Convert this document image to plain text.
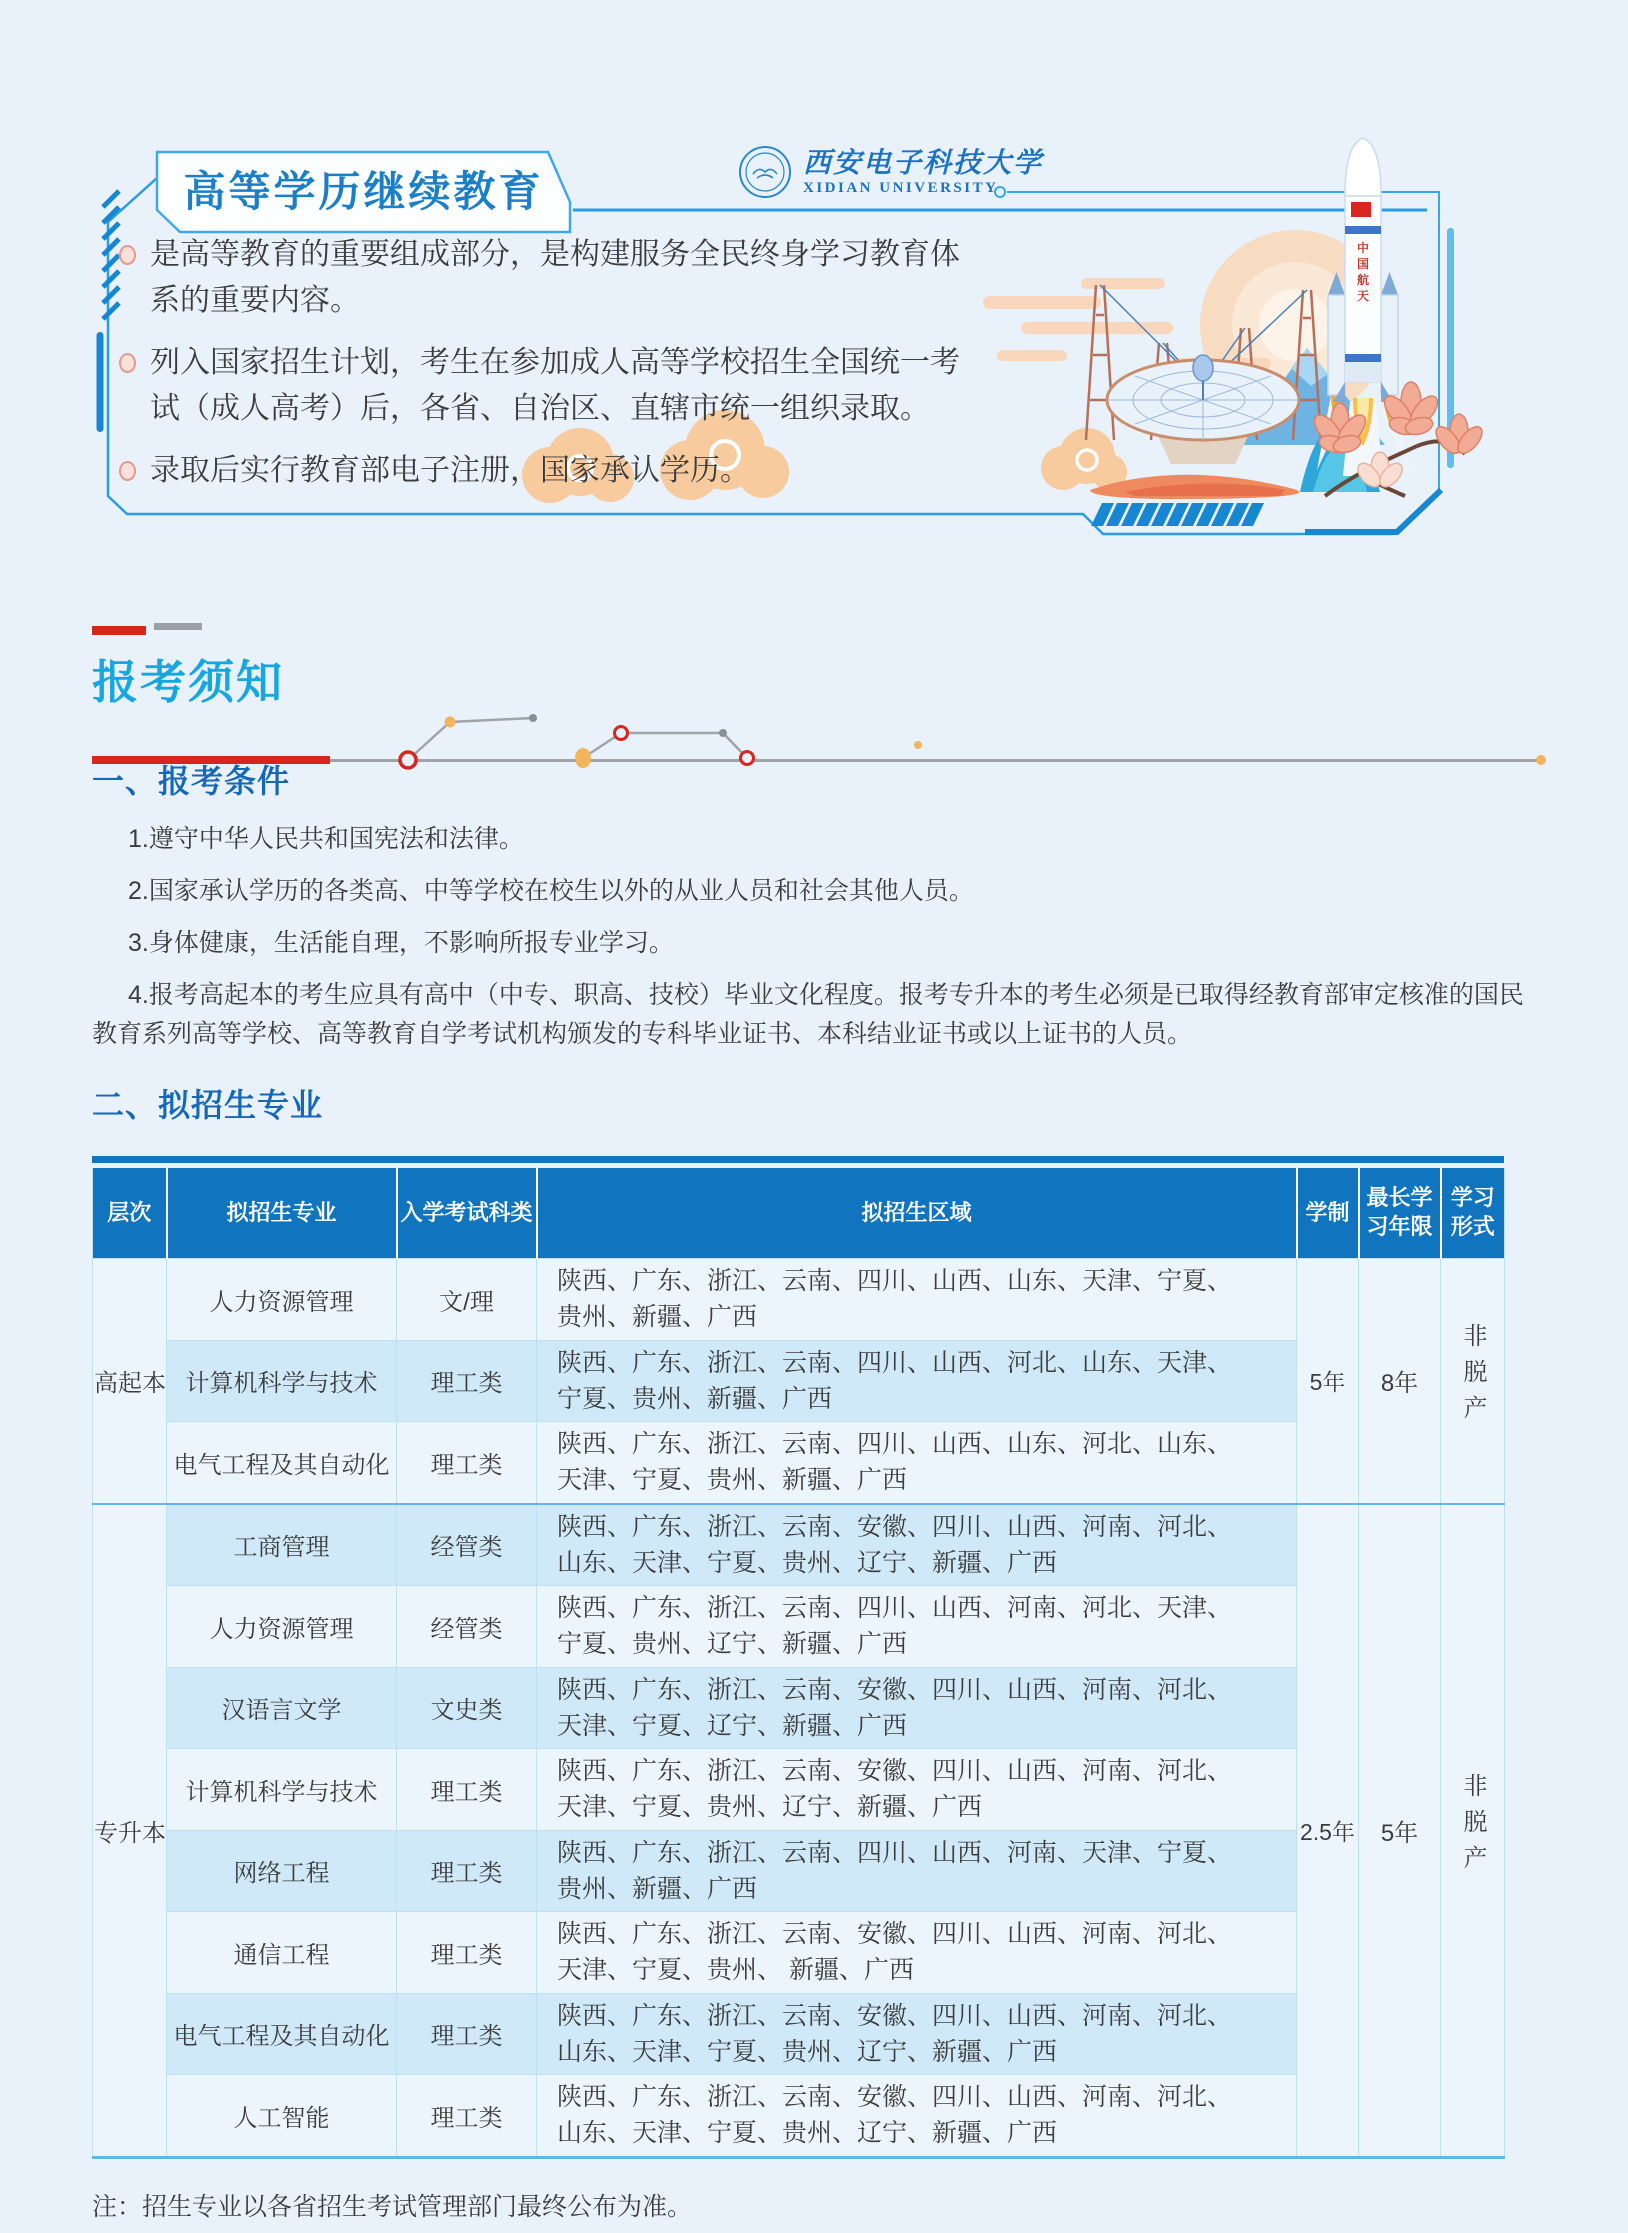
中国航天
高等学历继续教育
西安电子科技大学
XIDIAN UNIVERSITY
是高等教育的重要组成部分，是构建服务全民终身学习教育体系的重要内容。
列入国家招生计划，考生在参加成人高等学校招生全国统一考试（成人高考）后，各省、自治区、直辖市统一组织录取。
录取后实行教育部电子注册，国家承认学历。
报考须知
一、报考条件

1.遵守中华人民共和国宪法和法律。

2.国家承认学历的各类高、中等学校在校生以外的从业人员和社会其他人员。

3.身体健康，生活能自理，不影响所报专业学习。

4.报考高起本的考生应具有高中（中专、职高、技校）毕业文化程度。报考专升本的考生必须是已取得经教育部审定核准的国民教育系列高等学校、高等教育自学考试机构颁发的专科毕业证书、本科结业证书或以上证书的人员。

二、拟招生专业
层次	拟招生专业	入学考试科类	拟招生区域	学制	最长学习年限	学习形式
高起本	人力资源管理	文/理	陕西、广东、浙江、云南、四川、山西、山东、天津、宁夏、贵州、新疆、广西	5年	8年	非脱产
	计算机科学与技术	理工类	陕西、广东、浙江、云南、四川、山西、河北、山东、天津、宁夏、贵州、新疆、广西			
	电气工程及其自动化	理工类	陕西、广东、浙江、云南、四川、山西、山东、河北、山东、天津、宁夏、贵州、新疆、广西			
专升本	工商管理	经管类	陕西、广东、浙江、云南、安徽、四川、山西、河南、河北、山东、天津、宁夏、贵州、辽宁、新疆、广西	2.5年	5年	非脱产
	人力资源管理	经管类	陕西、广东、浙江、云南、四川、山西、河南、河北、天津、宁夏、贵州、辽宁、新疆、广西			
	汉语言文学	文史类	陕西、广东、浙江、云南、安徽、四川、山西、河南、河北、天津、宁夏、辽宁、新疆、广西			
	计算机科学与技术	理工类	陕西、广东、浙江、云南、安徽、四川、山西、河南、河北、天津、宁夏、贵州、辽宁、新疆、广西			
	网络工程	理工类	陕西、广东、浙江、云南、四川、山西、河南、天津、宁夏、贵州、新疆、广西			
	通信工程	理工类	陕西、广东、浙江、云南、安徽、四川、山西、河南、河北、天津、宁夏、贵州、 新疆、广西			
	电气工程及其自动化	理工类	陕西、广东、浙江、云南、安徽、四川、山西、河南、河北、山东、天津、宁夏、贵州、辽宁、新疆、广西			
	人工智能	理工类	陕西、广东、浙江、云南、安徽、四川、山西、河南、河北、山东、天津、宁夏、贵州、辽宁、新疆、广西			

注：招生专业以各省招生考试管理部门最终公布为准。
